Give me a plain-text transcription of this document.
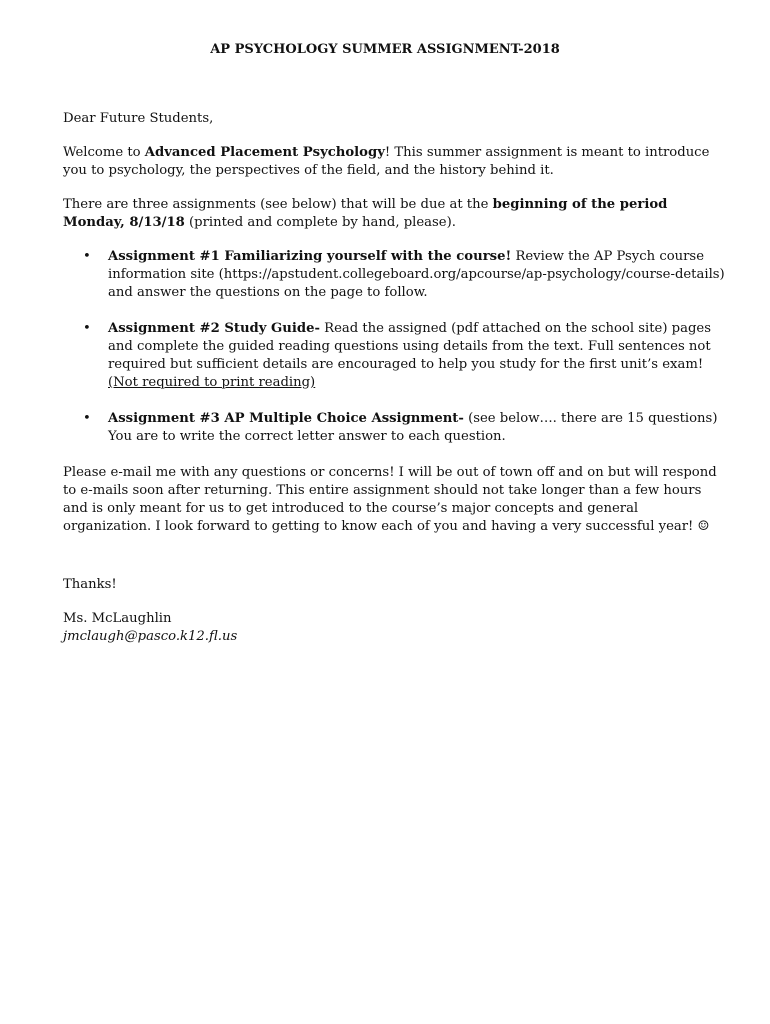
AP PSYCHOLOGY SUMMER ASSIGNMENT-2018

Dear Future Students,

Welcome to Advanced Placement Psychology! This summer assignment is meant to introduce you to psychology, the perspectives of the field, and the history behind it.

There are three assignments (see below) that will be due at the beginning of the period Monday, 8/13/18 (printed and complete by hand, please).

• Assignment #1 Familiarizing yourself with the course! Review the AP Psych course information site (https://apstudent.collegeboard.org/apcourse/ap-psychology/course-details) and answer the questions on the page to follow.
• Assignment #2 Study Guide- Read the assigned (pdf attached on the school site) pages and complete the guided reading questions using details from the text. Full sentences not required but sufficient details are encouraged to help you study for the first unit’s exam! (Not required to print reading)
• Assignment #3 AP Multiple Choice Assignment- (see below…. there are 15 questions) You are to write the correct letter answer to each question.

Please e-mail me with any questions or concerns! I will be out of town off and on but will respond to e-mails soon after returning. This entire assignment should not take longer than a few hours and is only meant for us to get introduced to the course’s major concepts and general organization. I look forward to getting to know each of you and having a very successful year! ☺

Thanks!

Ms. McLaughlin

jmclaugh@pasco.k12.fl.us
